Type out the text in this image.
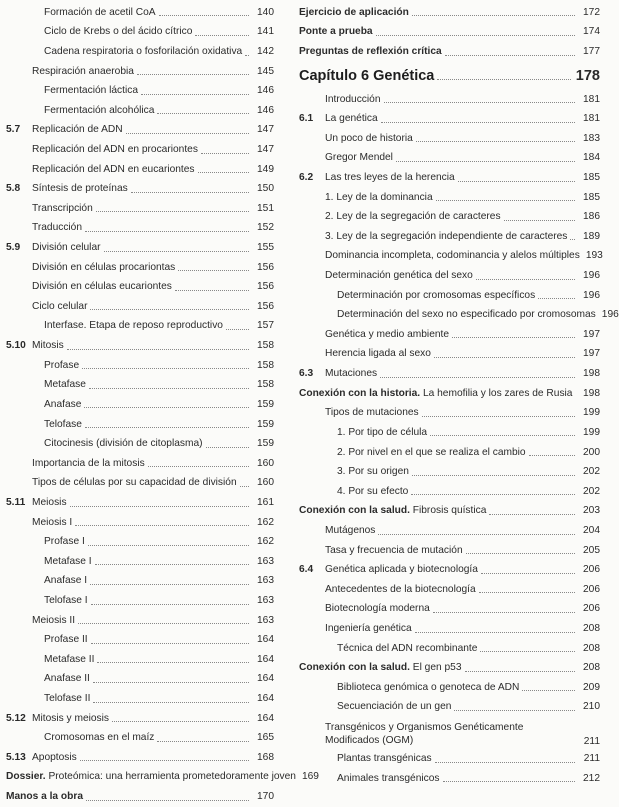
Formación de acetil CoA	140
Ciclo de Krebs o del ácido cítrico	141
Cadena respiratoria o fosforilación oxidativa	142
Respiración anaerobia	145
Fermentación láctica	146
Fermentación alcohólica	146
5.7	Replicación de ADN	147
Replicación del ADN en procariontes	147
Replicación del ADN en eucariontes	149
5.8	Síntesis de proteínas	150
Transcripción	151
Traducción	152
5.9	División celular	155
División en células procariontas	156
División en células eucariontes	156
Ciclo celular	156
Interfase. Etapa de reposo reproductivo	157
5.10 Mitosis	158
Profase	158
Metafase	158
Anafase	159
Telofase	159
Citocinesis (división de citoplasma)	159
Importancia de la mitosis	160
Tipos de células por su capacidad de división	160
5.11 Meiosis	161
Meiosis I	162
Profase I	162
Metafase I	163
Anafase I	163
Telofase I	163
Meiosis II	163
Profase II	164
Metafase II	164
Anafase II	164
Telofase II	164
5.12 Mitosis y meiosis	164
Cromosomas en el maíz	165
5.13 Apoptosis	168
Dossier. Proteómica: una herramienta prometedoramente joven 169
Manos a la obra	170
Ejercicio de aplicación	172
Ponte a prueba	174
Preguntas de reflexión crítica	177
Capítulo 6 Genética	178
Introducción	181
6.1	La genética	181
Un poco de historia	183
Gregor Mendel	184
6.2	Las tres leyes de la herencia	185
1. Ley de la dominancia	185
2. Ley de la segregación de caracteres	186
3. Ley de la segregación independiente de caracteres	189
Dominancia incompleta, codominancia y alelos múltiples 193
Determinación genética del sexo	196
Determinación por cromosomas específicos	196
Determinación del sexo no especificado por cromosomas 196
Genética y medio ambiente	197
Herencia ligada al sexo	197
6.3	Mutaciones	198
Conexión con la historia. La hemofilia y los zares de Rusia	198
Tipos de mutaciones	199
1. Por tipo de célula	199
2. Por nivel en el que se realiza el cambio	200
3. Por su origen	202
4. Por su efecto	202
Conexión con la salud. Fibrosis quística	203
Mutágenos	204
Tasa y frecuencia de mutación	205
6.4	Genética aplicada y biotecnología	206
Antecedentes de la biotecnología	206
Biotecnología moderna	206
Ingeniería genética	208
Técnica del ADN recombinante	208
Conexión con la salud. El gen p53	208
Biblioteca genómica o genoteca de ADN	209
Secuenciación de un gen	210
Transgénicos y Organismos Genéticamente Modificados (OGM)	211
Plantas transgénicas	211
Animales transgénicos	212
